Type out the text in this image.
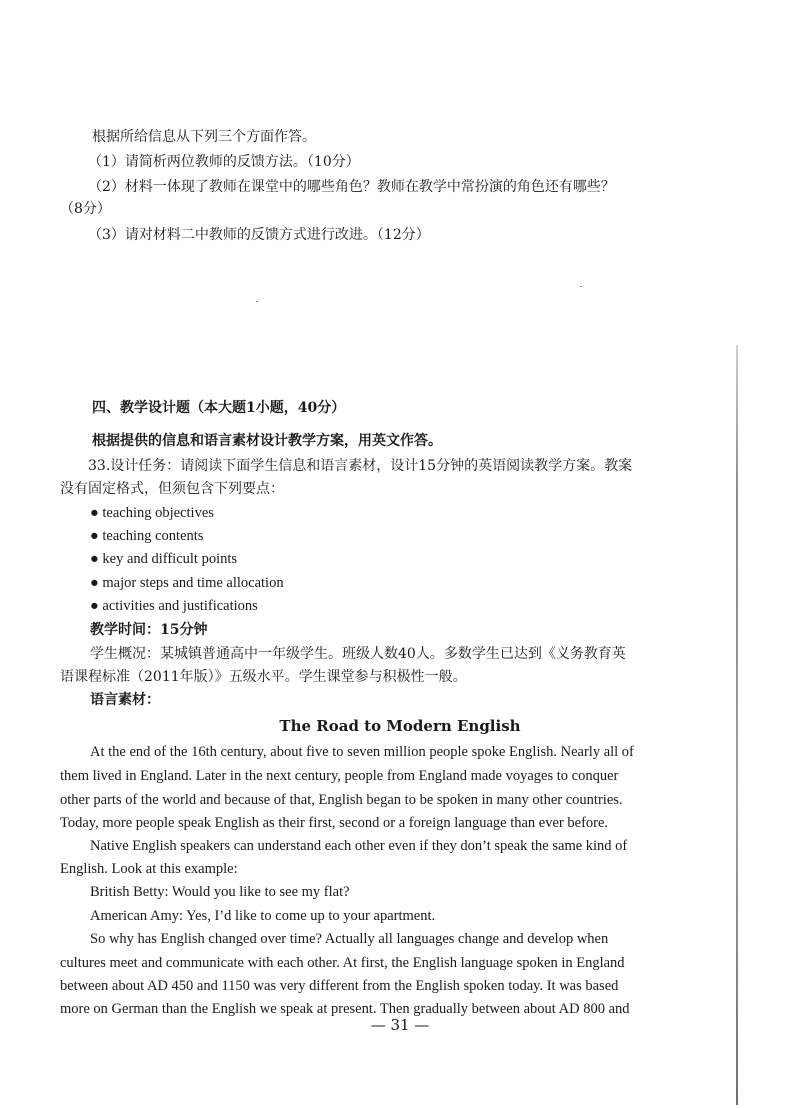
根据所给信息从下列三个方面作答。
（1）请简析两位教师的反馈方法。（10分）
（2）材料一体现了教师在课堂中的哪些角色？教师在教学中常扮演的角色还有哪些？
（8分）
（3）请对材料二中教师的反馈方式进行改进。（12分）
四、教学设计题（本大题1小题，40分）
根据提供的信息和语言素材设计教学方案，用英文作答。
33.设计任务：请阅读下面学生信息和语言素材，设计15分钟的英语阅读教学方案。教案
没有固定格式，但须包含下列要点：
● teaching objectives
● teaching contents
● key and difficult points
● major steps and time allocation
● activities and justifications
教学时间：15分钟
学生概况：某城镇普通高中一年级学生。班级人数40人。多数学生已达到《义务教育英
语课程标准（2011年版）》五级水平。学生课堂参与积极性一般。
语言素材：
The Road to Modern English
At the end of the 16th century, about five to seven million people spoke English. Nearly all of
them lived in England. Later in the next century, people from England made voyages to conquer
other parts of the world and because of that, English began to be spoken in many other countries.
Today, more people speak English as their first, second or a foreign language than ever before.
Native English speakers can understand each other even if they don’t speak the same kind of
English. Look at this example:
British Betty: Would you like to see my flat?
American Amy: Yes, I’d like to come up to your apartment.
So why has English changed over time? Actually all languages change and develop when
cultures meet and communicate with each other. At first, the English language spoken in England
between about AD 450 and 1150 was very different from the English spoken today. It was based
more on German than the English we speak at present. Then gradually between about AD 800 and
— 31 —
